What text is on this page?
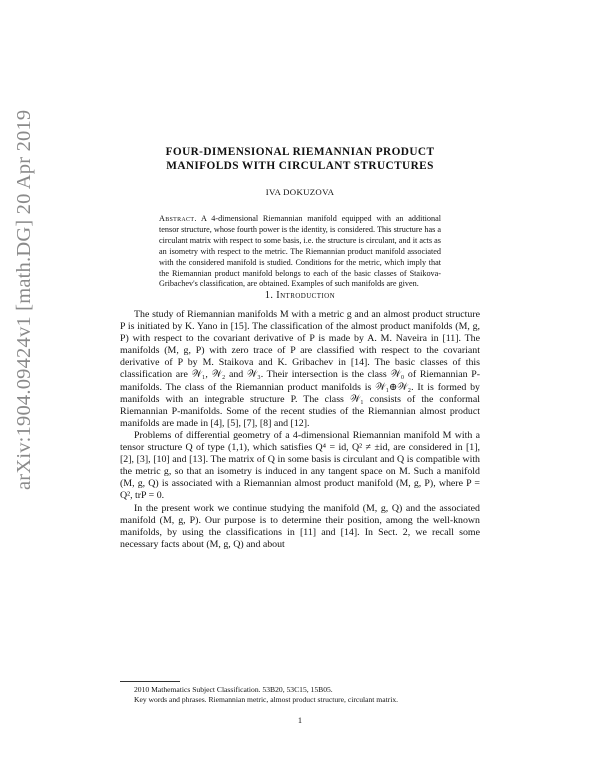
arXiv:1904.09424v1 [math.DG] 20 Apr 2019	FOUR-DIMENSIONAL RIEMANNIAN PRODUCT
MANIFOLDS WITH CIRCULANT STRUCTURES
IVA DOKUZOVA
Abstract. A 4-dimensional Riemannian manifold equipped with an additional tensor structure, whose fourth power is the identity, is considered. This structure has a circulant matrix with respect to some basis, i.e. the structure is circulant, and it acts as an isometry with respect to the metric. The Riemannian product manifold associated with the considered manifold is studied. Conditions for the metric, which imply that the Riemannian product manifold belongs to each of the basic classes of Staikova-Gribachev's classification, are obtained. Examples of such manifolds are given.
1. Introduction

The study of Riemannian manifolds M with a metric g and an almost product structure P is initiated by K. Yano in [15]. The classification of the almost product manifolds (M, g, P) with respect to the covariant derivative of P is made by A. M. Naveira in [11]. The manifolds (M, g, P) with zero trace of P are classified with respect to the covariant derivative of P by M. Staikova and K. Gribachev in [14]. The basic classes of this classification are 𝒲₁, 𝒲₂ and 𝒲₃. Their intersection is the class 𝒲₀ of Riemannian P-manifolds. The class of the Riemannian product manifolds is 𝒲₁⊕𝒲₂. It is formed by manifolds with an integrable structure P. The class 𝒲₁ consists of the conformal Riemannian P-manifolds. Some of the recent studies of the Riemannian almost product manifolds are made in [4], [5], [7], [8] and [12].

Problems of differential geometry of a 4-dimensional Riemannian manifold M with a tensor structure Q of type (1,1), which satisfies Q⁴ = id, Q² ≠ ±id, are considered in [1], [2], [3], [10] and [13]. The matrix of Q in some basis is circulant and Q is compatible with the metric g, so that an isometry is induced in any tangent space on M. Such a manifold (M, g, Q) is associated with a Riemannian almost product manifold (M, g, P), where P = Q², trP = 0.

In the present work we continue studying the manifold (M, g, Q) and the associated manifold (M, g, P). Our purpose is to determine their position, among the well-known manifolds, by using the classifications in [11] and [14]. In Sect. 2, we recall some necessary facts about (M, g, Q) and about

2010 Mathematics Subject Classification. 53B20, 53C15, 15B05.

Key words and phrases. Riemannian metric, almost product structure, circulant matrix.

1
